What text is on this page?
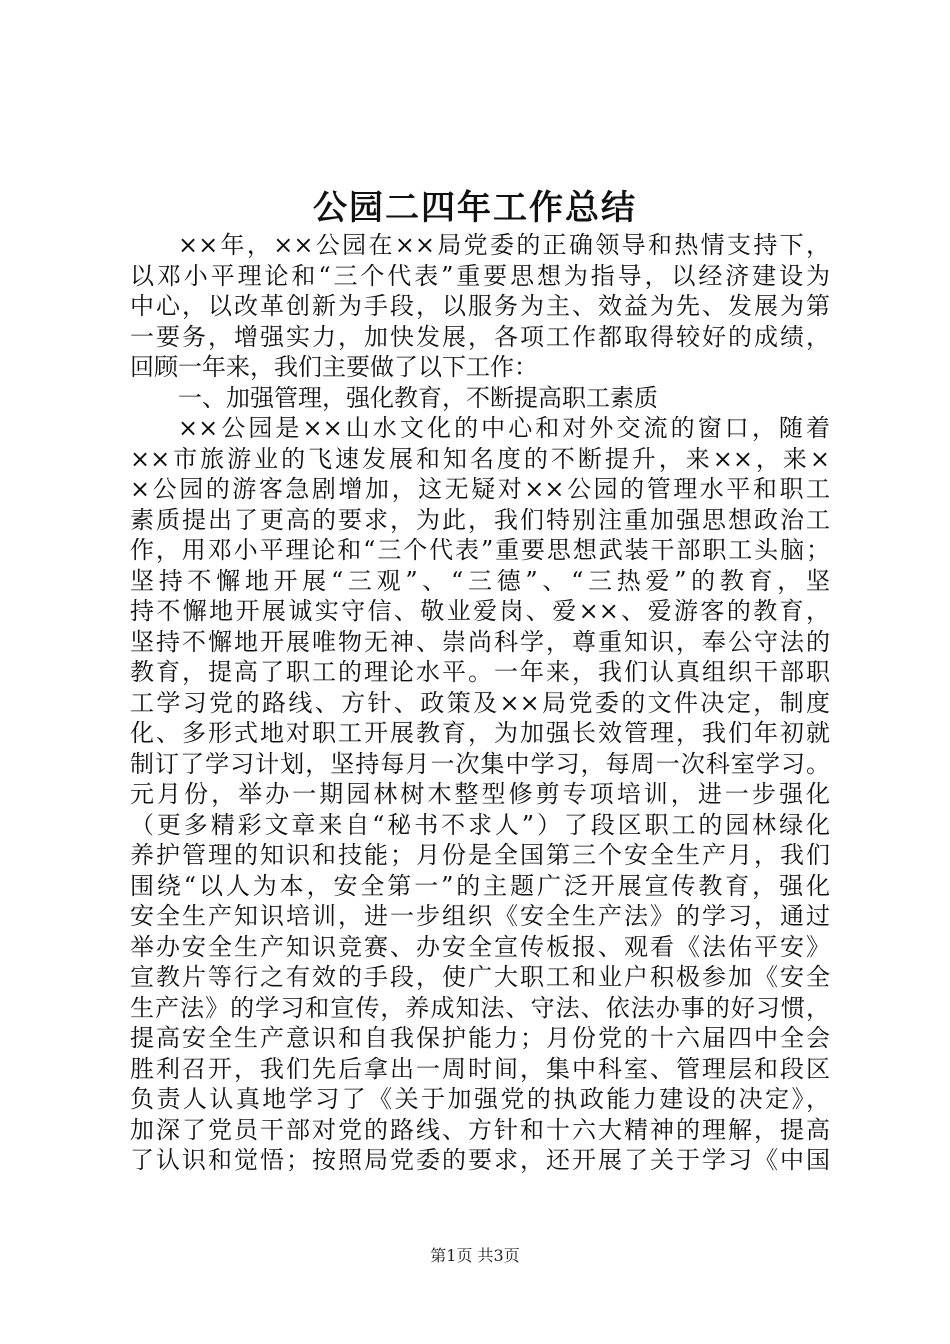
公园二四年工作总结
××年，××公园在××局党委的正确领导和热情支持下，
以邓小平理论和“三个代表”重要思想为指导，以经济建设为
中心，以改革创新为手段，以服务为主、效益为先、发展为第
一要务，增强实力，加快发展，各项工作都取得较好的成绩，
回顾一年来，我们主要做了以下工作：
一、加强管理，强化教育，不断提高职工素质
××公园是××山水文化的中心和对外交流的窗口，随着
××市旅游业的飞速发展和知名度的不断提升，来××，来×
×公园的游客急剧增加，这无疑对××公园的管理水平和职工
素质提出了更高的要求，为此，我们特别注重加强思想政治工
作，用邓小平理论和“三个代表”重要思想武装干部职工头脑；
坚持不懈地开展“三观”、“三德”、“三热爱”的教育，坚
持不懈地开展诚实守信、敬业爱岗、爱××、爱游客的教育，
坚持不懈地开展唯物无神、崇尚科学，尊重知识，奉公守法的
教育，提高了职工的理论水平。一年来，我们认真组织干部职
工学习党的路线、方针、政策及××局党委的文件决定，制度
化、多形式地对职工开展教育，为加强长效管理，我们年初就
制订了学习计划，坚持每月一次集中学习，每周一次科室学习。
元月份，举办一期园林树木整型修剪专项培训，进一步强化
（更多精彩文章来自“秘书不求人”）了段区职工的园林绿化
养护管理的知识和技能；月份是全国第三个安全生产月，我们
围绕“以人为本，安全第一”的主题广泛开展宣传教育，强化
安全生产知识培训，进一步组织《安全生产法》的学习，通过
举办安全生产知识竞赛、办安全宣传板报、观看《法佑平安》
宣教片等行之有效的手段，使广大职工和业户积极参加《安全
生产法》的学习和宣传，养成知法、守法、依法办事的好习惯，
提高安全生产意识和自我保护能力；月份党的十六届四中全会
胜利召开，我们先后拿出一周时间，集中科室、管理层和段区
负责人认真地学习了《关于加强党的执政能力建设的决定》，
加深了党员干部对党的路线、方针和十六大精神的理解，提高
了认识和觉悟；按照局党委的要求，还开展了关于学习《中国
第1页 共3页
